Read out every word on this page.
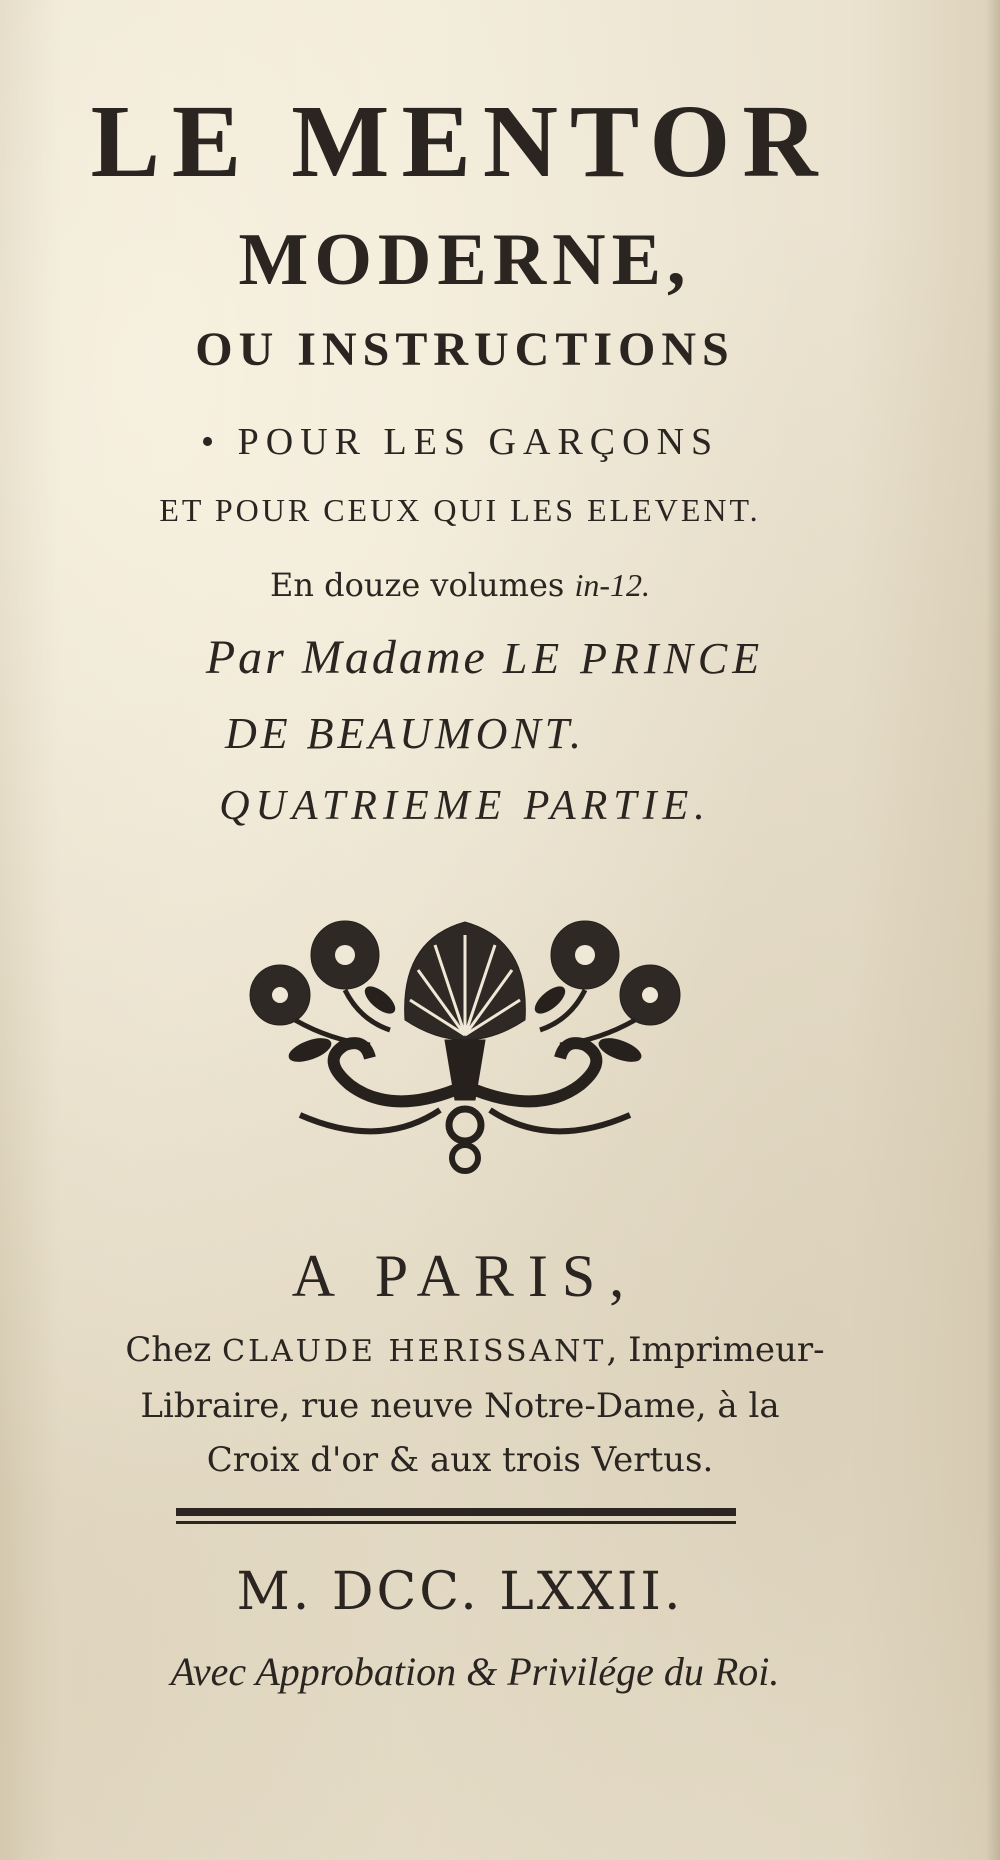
LE MENTOR
MODERNE,
OU INSTRUCTIONS
• POUR LES GARÇONS
ET POUR CEUX QUI LES ELEVENT.
En douze volumes in-12.
Par Madame LE PRINCE
DE BEAUMONT.
QUATRIEME PARTIE.
A PARIS,
Chez CLAUDE HERISSANT, Imprimeur-
Libraire, rue neuve Notre-Dame, à la
Croix d'or & aux trois Vertus.
M. DCC. LXXII.
Avec Approbation & Privilége du Roi.
